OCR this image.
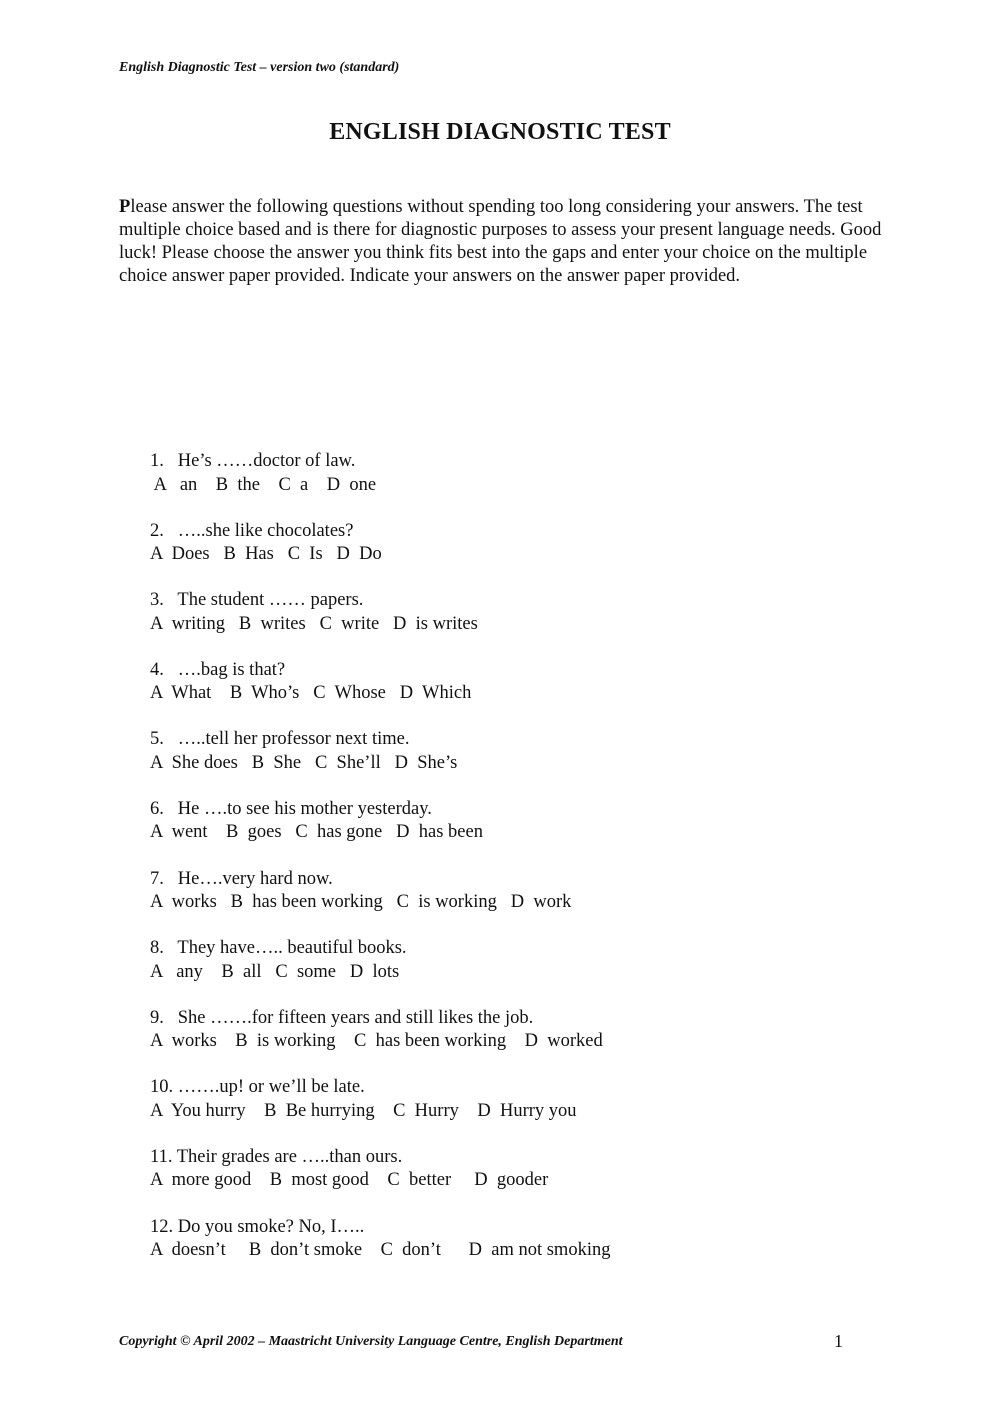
English Diagnostic Test – version two (standard)
ENGLISH DIAGNOSTIC TEST
Please answer the following questions without spending too long considering your answers. The test multiple choice based and is there for diagnostic purposes to assess your present language needs. Good luck! Please choose the answer you think fits best into the gaps and enter your choice on the multiple choice answer paper provided. Indicate your answers on the answer paper provided.
1.   He’s ……doctor of law.
A   an    B  the    C  a    D  one
2.   …..she like chocolates?
A  Does   B  Has   C  Is   D  Do
3.   The student …… papers.
A  writing   B  writes   C  write   D  is writes
4.   ….bag is that?
A  What    B  Who’s   C  Whose   D  Which
5.   …..tell her professor next time.
A  She does   B  She   C  She’ll   D  She’s
6.   He ….to see his mother yesterday.
A  went    B  goes   C  has gone   D  has been
7.   He….very hard now.
A  works   B  has been working   C  is working   D  work
8.   They have….. beautiful books.
A   any    B  all   C  some   D  lots
9.   She …….for fifteen years and still likes the job.
A  works    B  is working    C  has been working    D  worked
10. …….up! or we’ll be late.
A  You hurry    B  Be hurrying    C  Hurry    D  Hurry you
11. Their grades are …..than ours.
A  more good    B  most good    C  better     D  gooder
12. Do you smoke? No, I…..
A  doesn’t     B  don’t smoke    C  don’t      D  am not smoking
Copyright © April 2002 – Maastricht University Language Centre, English Department	1
